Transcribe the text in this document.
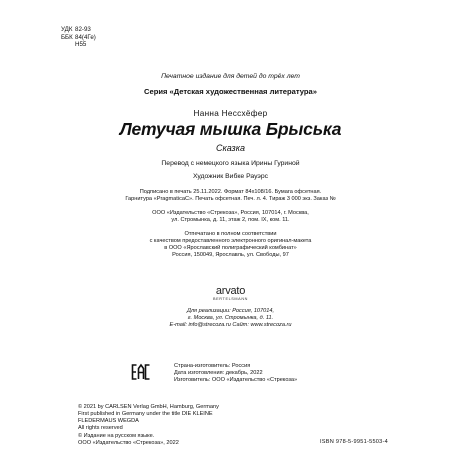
УДК 82-93
ББК 84(4Ге)
Н55
Печатное издание для детей до трёх лет
Серия «Детская художественная литература»
Нанна Нессхёфер
Летучая мышка Брыська
Сказка
Перевод с немецкого языка Ирины Гуриной
Художник Вибке Рауэрс
Подписано в печать 25.11.2022. Формат 84х108/16. Бумага офсетная.
Гарнитура «PragmaticaC». Печать офсетная. Печ. л. 4. Тираж 3 000 экз. Заказ №
ООО «Издательство «Стрекоза», Россия, 107014, г. Москва,
ул. Стромынка, д. 11, этаж 2, пом. IX, ком. 11.
Отпечатано в полном соответствии
с качеством предоставленного электронного оригинал-макета
в ООО «Ярославский полиграфический комбинат»
Россия, 150049, Ярославль, ул. Свободы, 97
arvato
BERTELSMANN
Для реализации: Россия, 107014,
г. Москва, ул. Стромынка, д. 11.
E-mail: info@strecoza.ru Сайт: www.strecoza.ru
Страна-изготовитель: Россия
Дата изготовления: декабрь, 2022
Изготовитель: ООО «Издательство «Стрекоза»
© 2021 by CARLSEN Verlag GmbH, Hamburg, Germany
First published in Germany under the title DIE KLEINE
FLEDERMAUS WEGDA
All rights reserved
© Издание на русском языке.
ООО «Издательство «Стрекоза», 2022	ISBN 978-5-9951-5503-4
